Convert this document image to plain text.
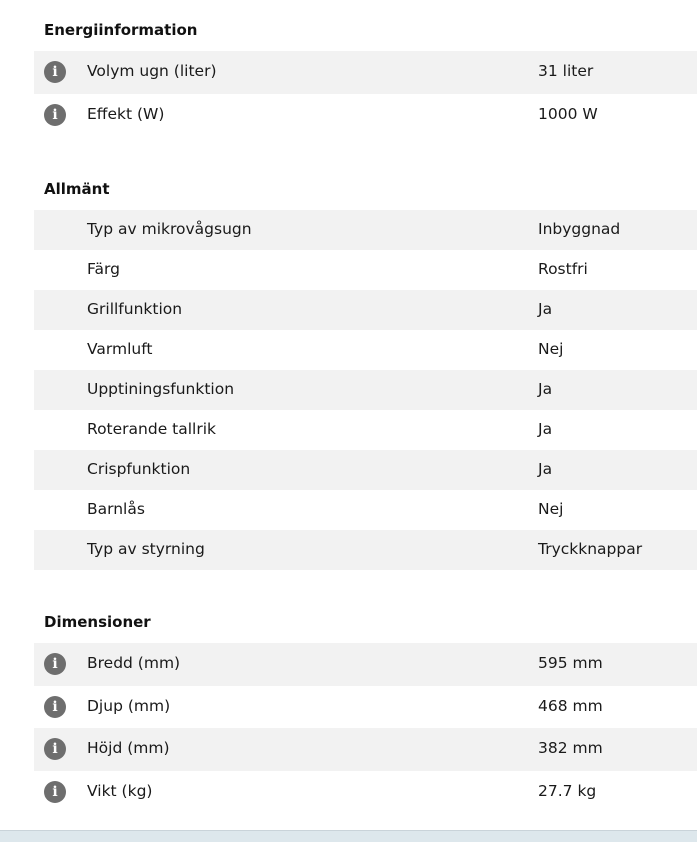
Energiinformation
i	Volym ugn (liter)	31 liter
i	Effekt (W)	1000 W
Allmänt
Typ av mikrovågsugn	Inbyggnad
Färg	Rostfri
Grillfunktion	Ja
Varmluft	Nej
Upptiningsfunktion	Ja
Roterande tallrik	Ja
Crispfunktion	Ja
Barnlås	Nej
Typ av styrning	Tryckknappar
Dimensioner
i	Bredd (mm)	595 mm
i	Djup (mm)	468 mm
i	Höjd (mm)	382 mm
i	Vikt (kg)	27.7 kg
